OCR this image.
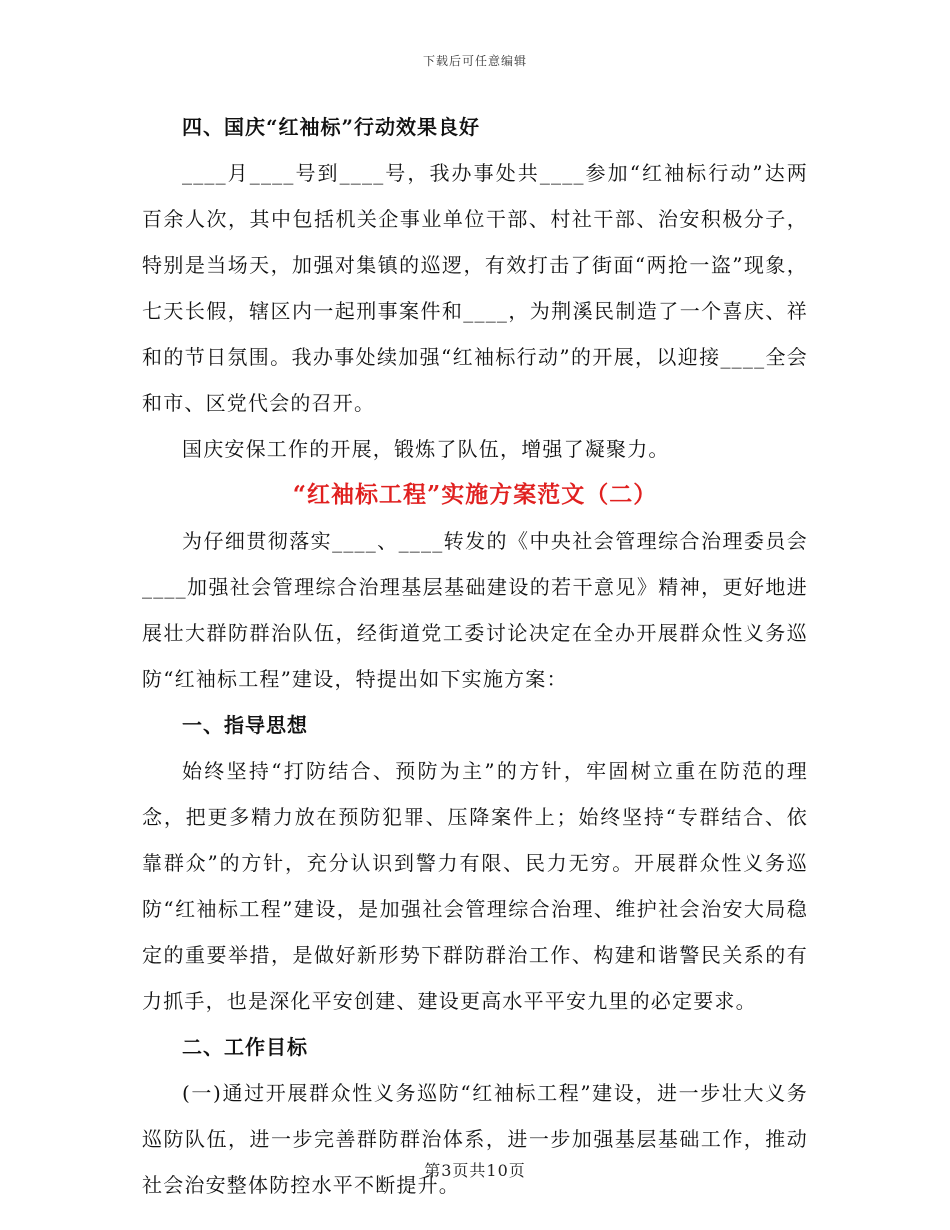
下载后可任意编辑

四、国庆“红袖标”行动效果良好

____月____号到____号，我办事处共____参加“红袖标行动”达两百余人次，其中包括机关企事业单位干部、村社干部、治安积极分子，特别是当场天，加强对集镇的巡逻，有效打击了街面“两抢一盗”现象，七天长假，辖区内一起刑事案件和____，为荆溪民制造了一个喜庆、祥和的节日氛围。我办事处续加强“红袖标行动”的开展，以迎接____全会和市、区党代会的召开。

国庆安保工作的开展，锻炼了队伍，增强了凝聚力。

“红袖标工程”实施方案范文（二）

为仔细贯彻落实____、____转发的《中央社会管理综合治理委员会____加强社会管理综合治理基层基础建设的若干意见》精神，更好地进展壮大群防群治队伍，经街道党工委讨论决定在全办开展群众性义务巡防“红袖标工程”建设，特提出如下实施方案：

一、指导思想

始终坚持“打防结合、预防为主”的方针，牢固树立重在防范的理念，把更多精力放在预防犯罪、压降案件上；始终坚持“专群结合、依靠群众”的方针，充分认识到警力有限、民力无穷。开展群众性义务巡防“红袖标工程”建设，是加强社会管理综合治理、维护社会治安大局稳定的重要举措，是做好新形势下群防群治工作、构建和谐警民关系的有力抓手，也是深化平安创建、建设更高水平平安九里的必定要求。

二、工作目标

(一)通过开展群众性义务巡防“红袖标工程”建设，进一步壮大义务巡防队伍，进一步完善群防群治体系，进一步加强基层基础工作，推动社会治安整体防控水平不断提升。

第3页共10页
